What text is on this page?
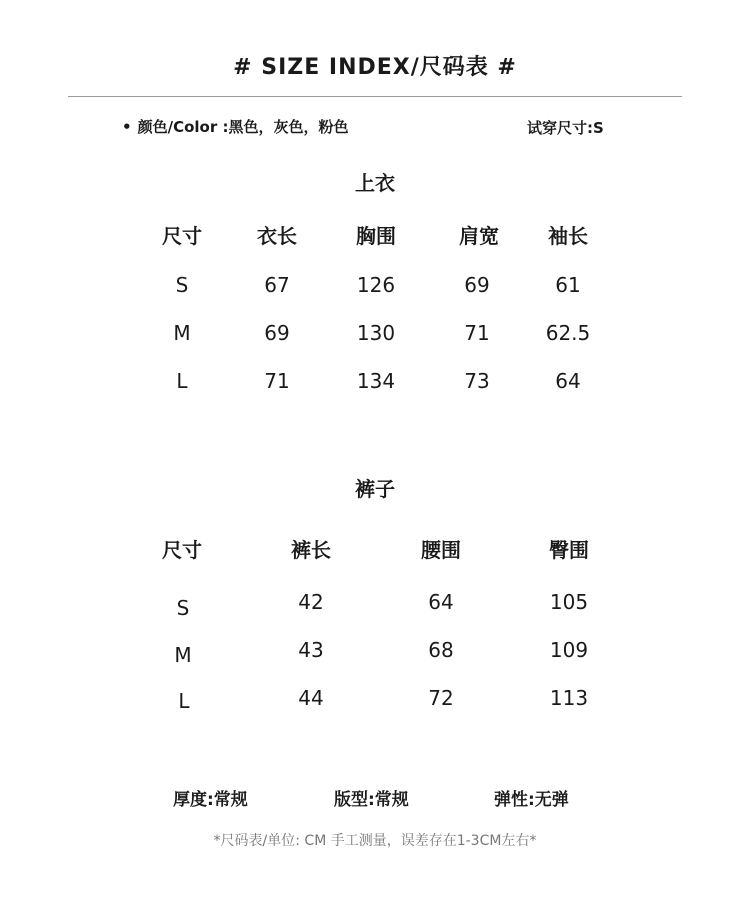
# SIZE INDEX/尺码表 #
• 颜色/Color :黑色，灰色，粉色	试穿尺寸:S
上衣
尺寸	衣长	胸围	肩宽	袖长
S	67	126	69	61
M	69	130	71	62.5
L	71	134	73	64
裤子
尺寸	裤长	腰围	臀围
S	42	64	105
M	43	68	109
L	44	72	113
厚度:常规	版型:常规	弹性:无弹
*尺码表/单位: CM 手工测量，误差存在1-3CM左右*
